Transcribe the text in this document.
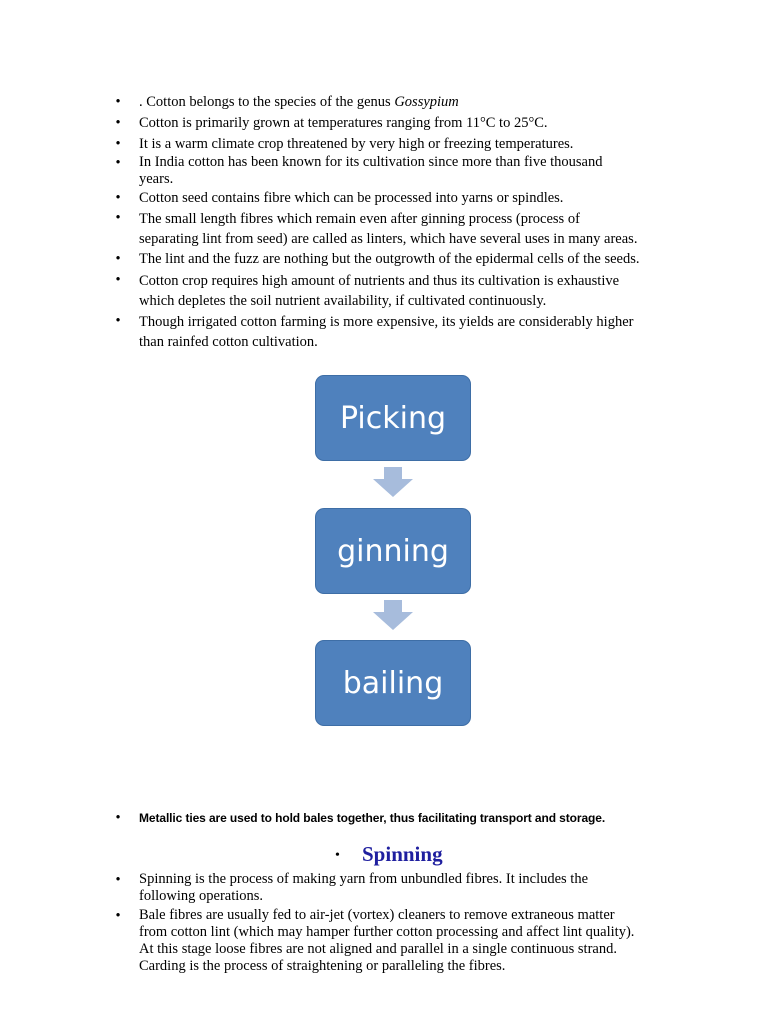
• . Cotton belongs to the species of the genus Gossypium
• Cotton is primarily grown at temperatures ranging from 11°C to 25°C.
• It is a warm climate crop threatened by very high or freezing temperatures.
• In India cotton has been known for its cultivation since more than five thousand
years.
• Cotton seed contains fibre which can be processed into yarns or spindles.
• The small length fibres which remain even after ginning process (process of
separating lint from seed) are called as linters, which have several uses in many areas.
• The lint and the fuzz are nothing but the outgrowth of the epidermal cells of the seeds.
• Cotton crop requires high amount of nutrients and thus its cultivation is exhaustive
which depletes the soil nutrient availability, if cultivated continuously.
• Though irrigated cotton farming is more expensive, its yields are considerably higher
than rainfed cotton cultivation.
Picking
ginning
bailing
• Metallic ties are used to hold bales together, thus facilitating transport and storage.
• Spinning
• Spinning is the process of making yarn from unbundled fibres. It includes the
following operations.
• Bale fibres are usually fed to air-jet (vortex) cleaners to remove extraneous matter
from cotton lint (which may hamper further cotton processing and affect lint quality).
At this stage loose fibres are not aligned and parallel in a single continuous strand.
Carding is the process of straightening or paralleling the fibres.
